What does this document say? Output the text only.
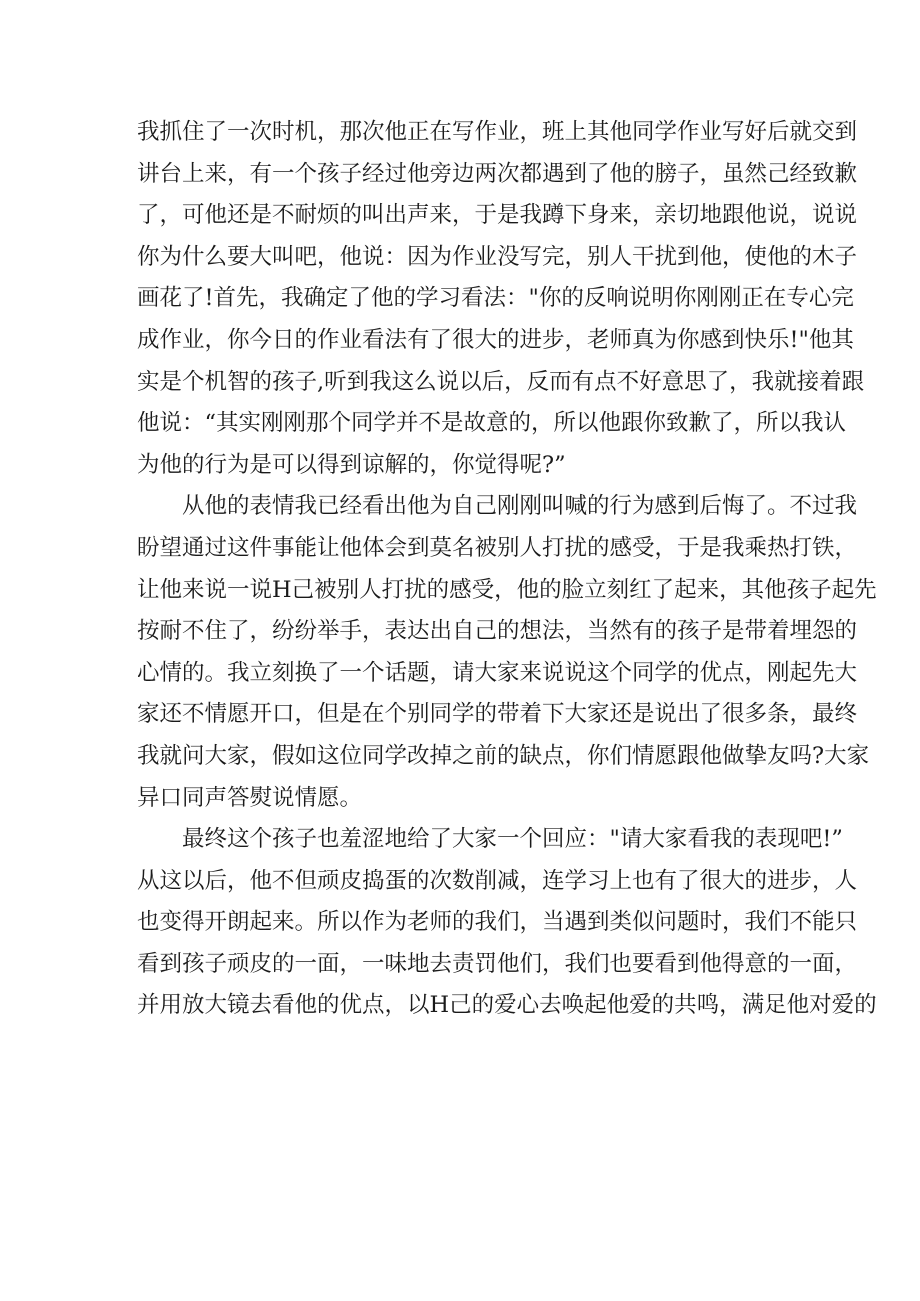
我抓住了一次时机，那次他正在写作业，班上其他同学作业写好后就交到
讲台上来，有一个孩子经过他旁边两次都遇到了他的膀子，虽然己经致歉
了，可他还是不耐烦的叫出声来，于是我蹲下身来，亲切地跟他说，说说
你为什么要大叫吧，他说：因为作业没写完，别人干扰到他，使他的木子
画花了!首先，我确定了他的学习看法："你的反响说明你刚刚正在专心完
成作业，你今日的作业看法有了很大的进步，老师真为你感到快乐!"他其
实是个机智的孩子,听到我这么说以后，反而有点不好意思了，我就接着跟
他说：“其实刚刚那个同学并不是故意的，所以他跟你致歉了，所以我认
为他的行为是可以得到谅解的，你觉得呢?”
从他的表情我已经看出他为自己刚刚叫喊的行为感到后悔了。不过我
盼望通过这件事能让他体会到莫名被别人打扰的感受，于是我乘热打铁，
让他来说一说H己被别人打扰的感受，他的脸立刻红了起来，其他孩子起先
按耐不住了，纷纷举手，表达出自己的想法，当然有的孩子是带着埋怨的
心情的。我立刻换了一个话题，请大家来说说这个同学的优点，刚起先大
家还不情愿开口，但是在个别同学的带着下大家还是说出了很多条，最终
我就问大家，假如这位同学改掉之前的缺点，你们情愿跟他做挚友吗?大家
异口同声答熨说情愿。
最终这个孩子也羞涩地给了大家一个回应："请大家看我的表现吧!”
从这以后，他不但顽皮捣蛋的次数削减，连学习上也有了很大的进步，人
也变得开朗起来。所以作为老师的我们，当遇到类似问题时，我们不能只
看到孩子顽皮的一面，一味地去责罚他们，我们也要看到他得意的一面，
并用放大镜去看他的优点，以H己的爱心去唤起他爱的共鸣，满足他对爱的
